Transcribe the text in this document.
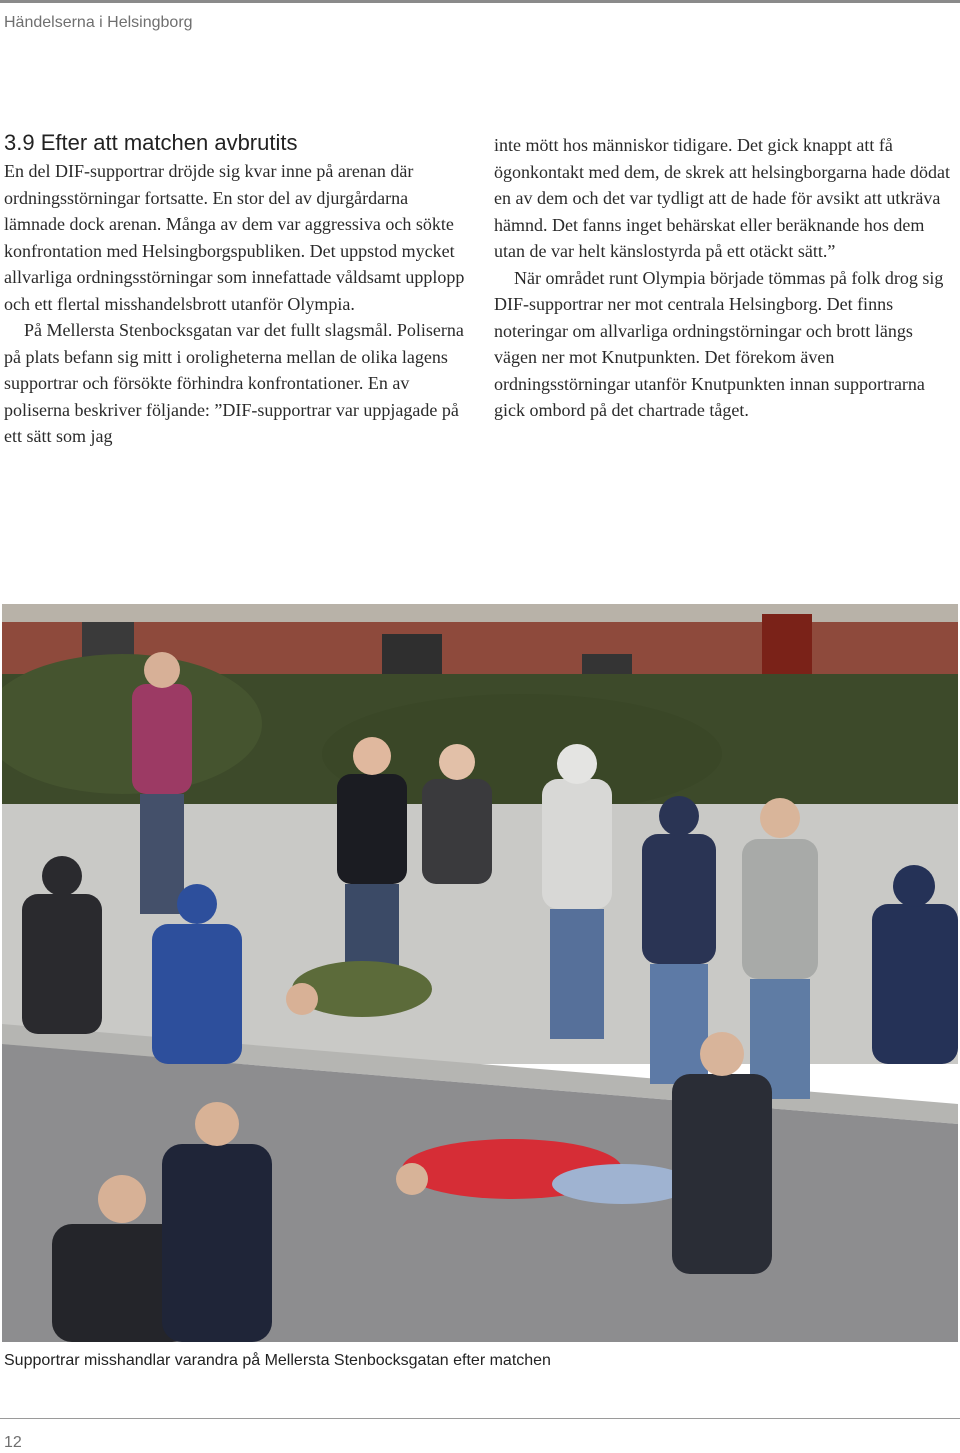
Händelserna i Helsingborg
3.9 Efter att matchen avbrutits

En del DIF-supportrar dröjde sig kvar inne på arenan där ordningsstörningar fortsatte. En stor del av djurgårdarna lämnade dock arenan. Många av dem var aggressiva och sökte konfrontation med Helsingborgspubliken. Det uppstod mycket allvarliga ordningsstörningar som innefattade våldsamt upplopp och ett flertal misshandelsbrott utanför Olympia.

På Mellersta Stenbocksgatan var det fullt slagsmål. Poliserna på plats befann sig mitt i oroligheterna mellan de olika lagens supportrar och försökte förhindra konfrontationer. En av poliserna beskriver följande: ”DIF-supportrar var uppjagade på ett sätt som jag

inte mött hos människor tidigare. Det gick knappt att få ögonkontakt med dem, de skrek att helsingborgarna hade dödat en av dem och det var tydligt att de hade för avsikt att utkräva hämnd. Det fanns inget behärskat eller beräknande hos dem utan de var helt känslostyrda på ett otäckt sätt.”

När området runt Olympia började tömmas på folk drog sig DIF-supportrar ner mot centrala Helsingborg. Det finns noteringar om allvarliga ordningstörningar och brott längs vägen ner mot Knutpunkten. Det förekom även ordningsstörningar utanför Knutpunkten innan supportrarna gick ombord på det chartrade tåget.

Supportrar misshandlar varandra på Mellersta Stenbocksgatan efter matchen
12
